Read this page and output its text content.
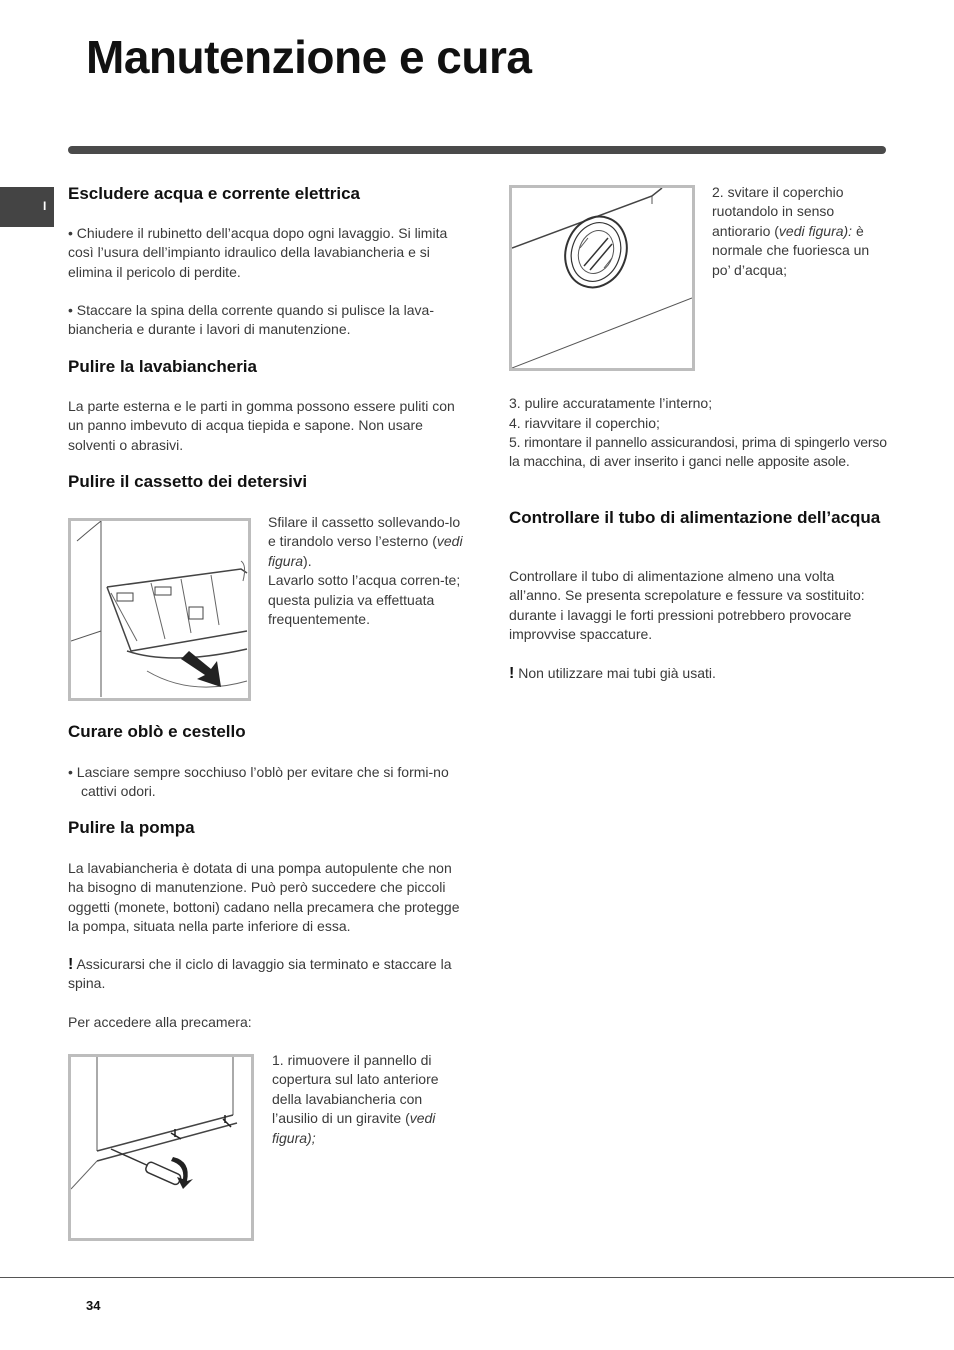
Manutenzione e cura
I
Escludere acqua e corrente elettrica

• Chiudere il rubinetto dell’acqua dopo ogni lavaggio. Si limita così l’usura dell’impianto idraulico della lavabiancheria e si elimina il pericolo di perdite.

• Staccare la spina della corrente quando si pulisce la lava-biancheria e durante i lavori di manutenzione.

Pulire la lavabiancheria

La parte esterna e le parti in gomma possono essere puliti con un panno imbevuto di acqua tiepida e sapone. Non usare solventi o abrasivi.

Pulire il cassetto dei detersivi

Sfilare il cassetto sollevando-lo e tirandolo verso l’esterno (vedi figura).
Lavarlo sotto l’acqua corren-te; questa pulizia va effettuata frequentemente.

Curare oblò e cestello

• Lasciare sempre socchiuso l’oblò per evitare che si formi-no cattivi odori.

Pulire la pompa

La lavabiancheria è dotata di una pompa autopulente che non ha bisogno di manutenzione. Può però succedere che piccoli oggetti (monete, bottoni) cadano nella precamera che protegge la pompa, situata nella parte inferiore di essa.

! Assicurarsi che il ciclo di lavaggio sia terminato e staccare la spina.

Per accedere alla precamera:

1. rimuovere il pannello di copertura sul lato anteriore della lavabiancheria con l’ausilio di un giravite (vedi figura);

2. svitare il coperchio ruotandolo in senso antiorario (vedi figura): è normale che fuoriesca un po’ d’acqua;

3. pulire accuratamente l’interno;

4. riavvitare il coperchio;

5. rimontare il pannello assicurandosi, prima di spingerlo verso la macchina, di aver inserito i ganci nelle apposite asole.

Controllare il tubo di alimentazione dell’acqua

Controllare il tubo di alimentazione almeno una volta all’anno. Se presenta screpolature e fessure va sostituito: durante i lavaggi le forti pressioni potrebbero provocare improvvise spaccature.

! Non utilizzare mai tubi già usati.

34
